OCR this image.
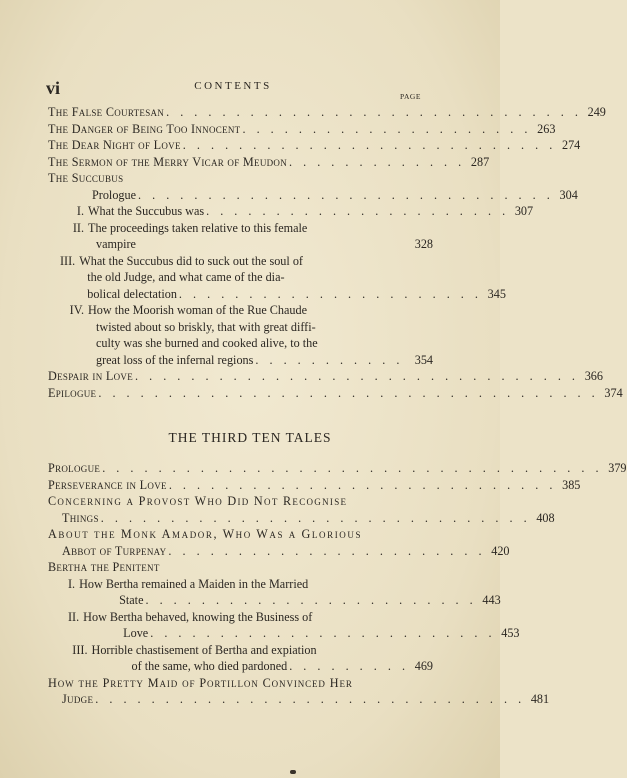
vi	CONTENTS
PAGE
The False Courtesan . . . . . . . . . . . . . . . . . . . . . . . . . . . . . . 249
The Danger of Being Too Innocent . . . . . . . . . . . . . . . . . . . . . 263
The Dear Night of Love . . . . . . . . . . . . . . . . . . . . . . . . . . . 274
The Sermon of the Merry Vicar of Meudon . . . . . . . . . . . . . 287
The Succubus
Prologue . . . . . . . . . . . . . . . . . . . . . . . . . . . . . . 304
I. What the Succubus was . . . . . . . . . . . . . . . . . . . . . . 307
II. The proceedings taken relative to this female
vampire	328
III. What the Succubus did to suck out the soul of
the old Judge, and what came of the dia-
bolical delectation . . . . . . . . . . . . . . . . . . . . . . 345
IV. How the Moorish woman of the Rue Chaude
twisted about so briskly, that with great diffi-
culty was she burned and cooked alive, to the
great loss of the infernal regions . . . . . . . . . . . 354
Despair in Love . . . . . . . . . . . . . . . . . . . . . . . . . . . . . . . . 366
Epilogue . . . . . . . . . . . . . . . . . . . . . . . . . . . . . . . . . . . . 374
THE THIRD TEN TALES
Prologue . . . . . . . . . . . . . . . . . . . . . . . . . . . . . . . . . . . . 379
Perseverance in Love . . . . . . . . . . . . . . . . . . . . . . . . . . . . 385
Concerning a Provost Who Did Not Recognise
Things . . . . . . . . . . . . . . . . . . . . . . . . . . . . . . . 408
About the Monk Amador, Who Was a Glorious
Abbot of Turpenay . . . . . . . . . . . . . . . . . . . . . . . 420
Bertha the Penitent
I. How Bertha remained a Maiden in the Married
State . . . . . . . . . . . . . . . . . . . . . . . . 443
II. How Bertha behaved, knowing the Business of
Love . . . . . . . . . . . . . . . . . . . . . . . . . 453
III. Horrible chastisement of Bertha and expiation
of the same, who died pardoned . . . . . . . . . 469
How the Pretty Maid of Portillon Convinced Her
Judge . . . . . . . . . . . . . . . . . . . . . . . . . . . . . . . 481
